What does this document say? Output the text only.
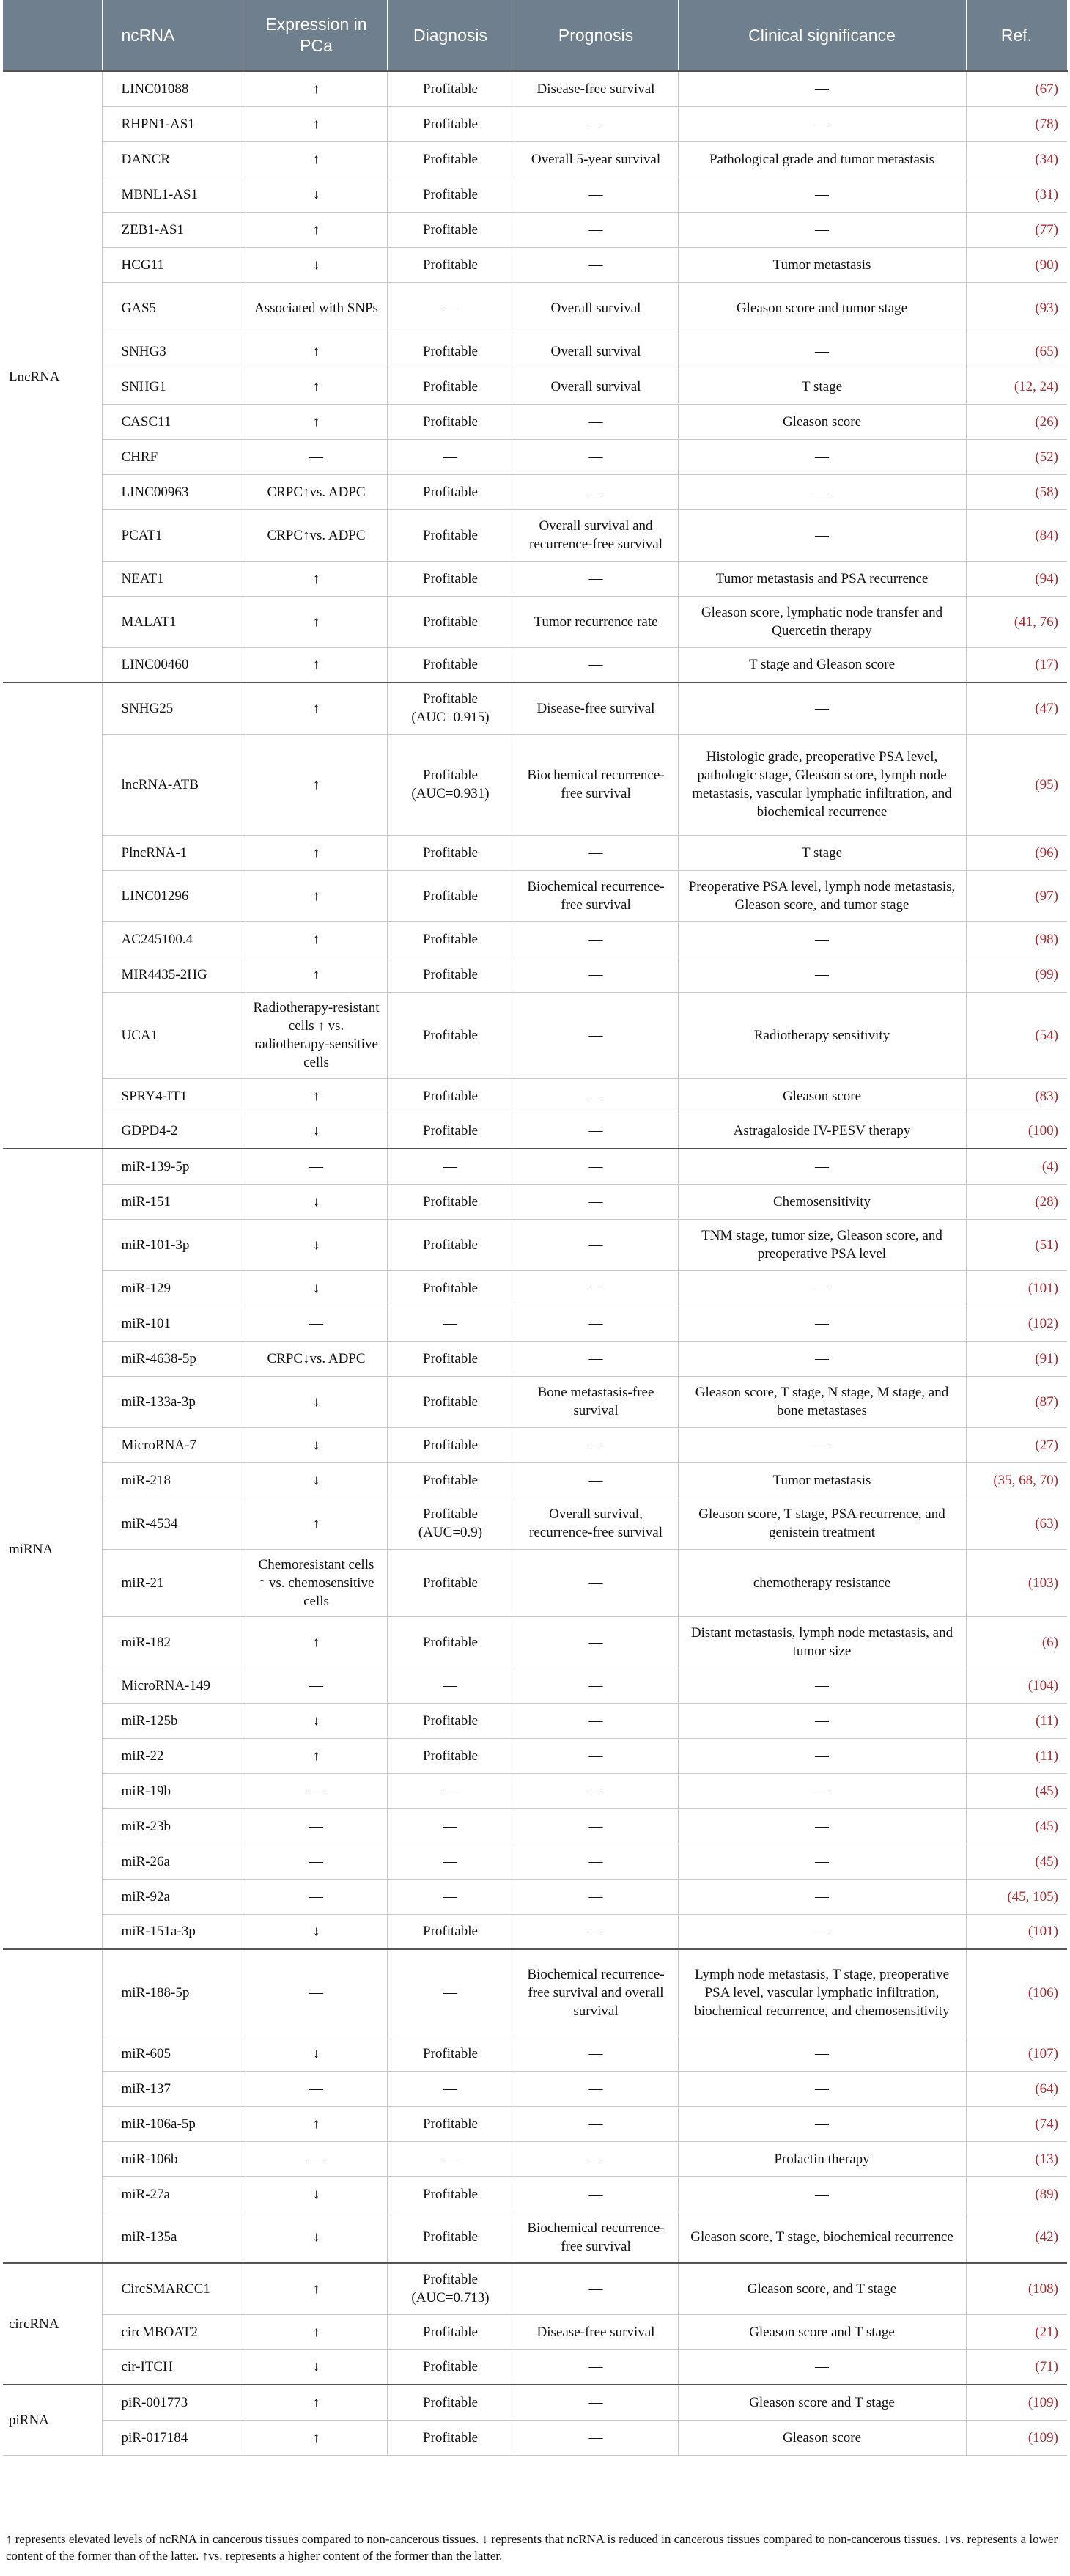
	ncRNA	Expression in PCa	Diagnosis	Prognosis	Clinical significance	Ref.
LncRNA	LINC01088	↑	Profitable	Disease-free survival	—	(67)
	RHPN1-AS1	↑	Profitable	—	—	(78)
	DANCR	↑	Profitable	Overall 5-year survival	Pathological grade and tumor metastasis	(34)
	MBNL1-AS1	↓	Profitable	—	—	(31)
	ZEB1-AS1	↑	Profitable	—	—	(77)
	HCG11	↓	Profitable	—	Tumor metastasis	(90)
	GAS5	Associated with SNPs	—	Overall survival	Gleason score and tumor stage	(93)
	SNHG3	↑	Profitable	Overall survival	—	(65)
	SNHG1	↑	Profitable	Overall survival	T stage	(12, 24)
	CASC11	↑	Profitable	—	Gleason score	(26)
	CHRF	—	—	—	—	(52)
	LINC00963	CRPC↑vs. ADPC	Profitable	—	—	(58)
	PCAT1	CRPC↑vs. ADPC	Profitable	Overall survival and recurrence-free survival	—	(84)
	NEAT1	↑	Profitable	—	Tumor metastasis and PSA recurrence	(94)
	MALAT1	↑	Profitable	Tumor recurrence rate	Gleason score, lymphatic node transfer and Quercetin therapy	(41, 76)
	LINC00460	↑	Profitable	—	T stage and Gleason score	(17)
	SNHG25	↑	Profitable (AUC=0.915)	Disease-free survival	—	(47)
	lncRNA-ATB	↑	Profitable (AUC=0.931)	Biochemical recurrence-free survival	Histologic grade, preoperative PSA level, pathologic stage, Gleason score, lymph node metastasis, vascular lymphatic infiltration, and biochemical recurrence	(95)
	PlncRNA-1	↑	Profitable	—	T stage	(96)
	LINC01296	↑	Profitable	Biochemical recurrence-free survival	Preoperative PSA level, lymph node metastasis, Gleason score, and tumor stage	(97)
	AC245100.4	↑	Profitable	—	—	(98)
	MIR4435-2HG	↑	Profitable	—	—	(99)
	UCA1	Radiotherapy-resistant cells ↑ vs. radiotherapy-sensitive cells	Profitable	—	Radiotherapy sensitivity	(54)
	SPRY4-IT1	↑	Profitable	—	Gleason score	(83)
	GDPD4-2	↓	Profitable	—	Astragaloside IV-PESV therapy	(100)
miRNA	miR-139-5p	—	—	—	—	(4)
	miR-151	↓	Profitable	—	Chemosensitivity	(28)
	miR-101-3p	↓	Profitable	—	TNM stage, tumor size, Gleason score, and preoperative PSA level	(51)
	miR-129	↓	Profitable	—	—	(101)
	miR-101	—	—	—	—	(102)
	miR-4638-5p	CRPC↓vs. ADPC	Profitable	—	—	(91)
	miR-133a-3p	↓	Profitable	Bone metastasis-free survival	Gleason score, T stage, N stage, M stage, and bone metastases	(87)
	MicroRNA-7	↓	Profitable	—	—	(27)
	miR-218	↓	Profitable	—	Tumor metastasis	(35, 68, 70)
	miR-4534	↑	Profitable (AUC=0.9)	Overall survival, recurrence-free survival	Gleason score, T stage, PSA recurrence, and genistein treatment	(63)
	miR-21	Chemoresistant cells ↑ vs. chemosensitive cells	Profitable	—	chemotherapy resistance	(103)
	miR-182	↑	Profitable	—	Distant metastasis, lymph node metastasis, and tumor size	(6)
	MicroRNA-149	—	—	—	—	(104)
	miR-125b	↓	Profitable	—	—	(11)
	miR-22	↑	Profitable	—	—	(11)
	miR-19b	—	—	—	—	(45)
	miR-23b	—	—	—	—	(45)
	miR-26a	—	—	—	—	(45)
	miR-92a	—	—	—	—	(45, 105)
	miR-151a-3p	↓	Profitable	—	—	(101)
	miR-188-5p	—	—	Biochemical recurrence-free survival and overall survival	Lymph node metastasis, T stage, preoperative PSA level, vascular lymphatic infiltration, biochemical recurrence, and chemosensitivity	(106)
	miR-605	↓	Profitable	—	—	(107)
	miR-137	—	—	—	—	(64)
	miR-106a-5p	↑	Profitable	—	—	(74)
	miR-106b	—	—	—	Prolactin therapy	(13)
	miR-27a	↓	Profitable	—	—	(89)
	miR-135a	↓	Profitable	Biochemical recurrence-free survival	Gleason score, T stage, biochemical recurrence	(42)
circRNA	CircSMARCC1	↑	Profitable (AUC=0.713)	—	Gleason score, and T stage	(108)
	circMBOAT2	↑	Profitable	Disease-free survival	Gleason score and T stage	(21)
	cir-ITCH	↓	Profitable	—	—	(71)
piRNA	piR-001773	↑	Profitable	—	Gleason score and T stage	(109)
	piR-017184	↑	Profitable	—	Gleason score	(109)
↑ represents elevated levels of ncRNA in cancerous tissues compared to non-cancerous tissues. ↓ represents that ncRNA is reduced in cancerous tissues compared to non-cancerous tissues. ↓vs. represents a lower content of the former than of the latter. ↑vs. represents a higher content of the former than the latter.
